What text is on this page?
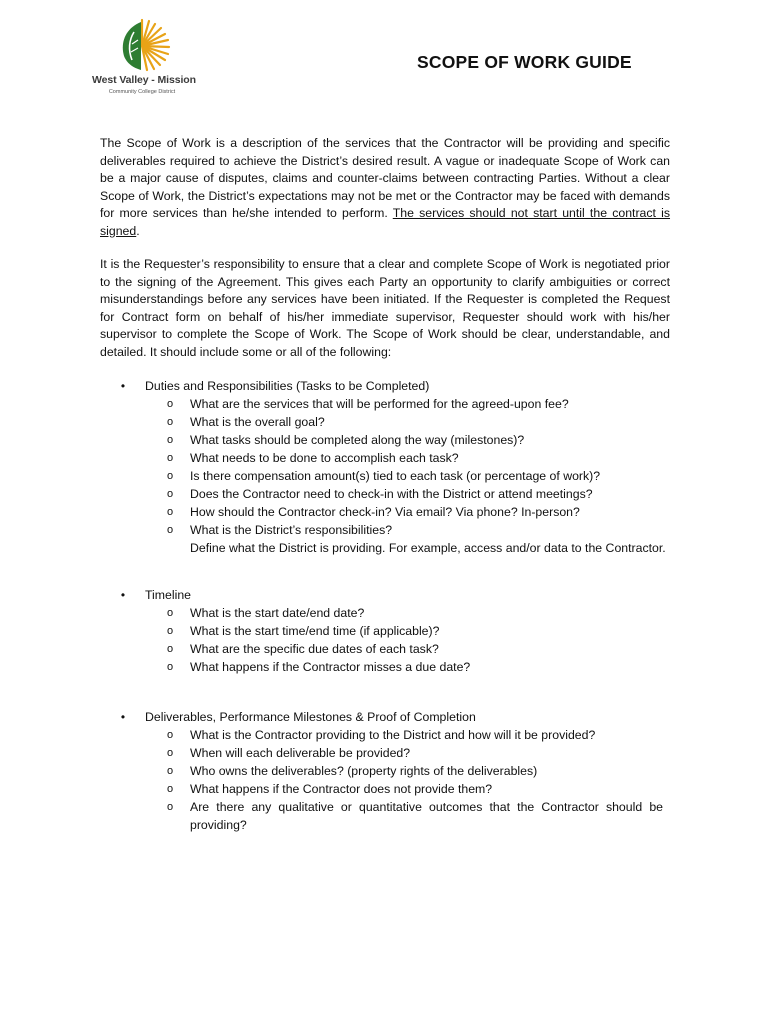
West Valley - Mission
Community College District
SCOPE OF WORK GUIDE

The Scope of Work is a description of the services that the Contractor will be providing and specific deliverables required to achieve the District’s desired result. A vague or inadequate Scope of Work can be a major cause of disputes, claims and counter-claims between contracting Parties. Without a clear Scope of Work, the District’s expectations may not be met or the Contractor may be faced with demands for more services than he/she intended to perform. The services should not start until the contract is signed.

It is the Requester’s responsibility to ensure that a clear and complete Scope of Work is negotiated prior to the signing of the Agreement. This gives each Party an opportunity to clarify ambiguities or correct misunderstandings before any services have been initiated. If the Requester is completed the Request for Contract form on behalf of his/her immediate supervisor, Requester should work with his/her supervisor to complete the Scope of Work. The Scope of Work should be clear, understandable, and detailed. It should include some or all of the following:

• Duties and Responsibilities (Tasks to be Completed)
o What are the services that will be performed for the agreed-upon fee?
o What is the overall goal?
o What tasks should be completed along the way (milestones)?
o What needs to be done to accomplish each task?
o Is there compensation amount(s) tied to each task (or percentage of work)?
o Does the Contractor need to check-in with the District or attend meetings?
o How should the Contractor check-in? Via email? Via phone? In-person?
o What is the District’s responsibilities?
Define what the District is providing. For example, access and/or data to the Contractor.
• Timeline
o What is the start date/end date?
o What is the start time/end time (if applicable)?
o What are the specific due dates of each task?
o What happens if the Contractor misses a due date?
• Deliverables, Performance Milestones & Proof of Completion
o What is the Contractor providing to the District and how will it be provided?
o When will each deliverable be provided?
o Who owns the deliverables? (property rights of the deliverables)
o What happens if the Contractor does not provide them?
o Are there any qualitative or quantitative outcomes that the Contractor should be providing?
